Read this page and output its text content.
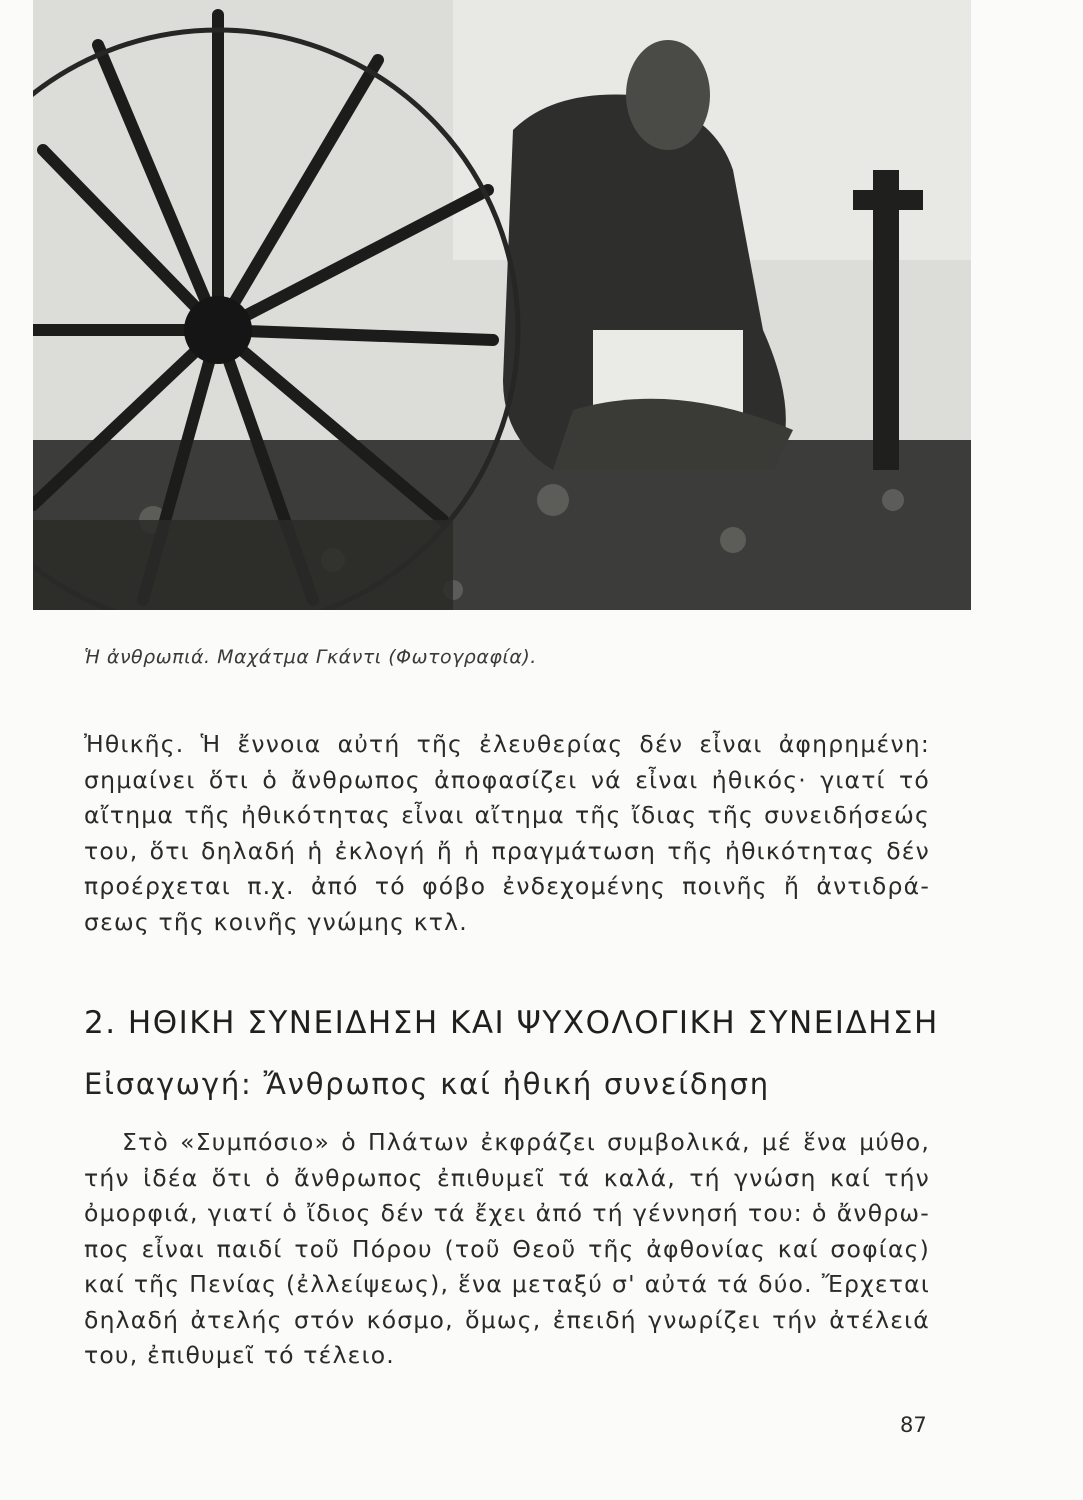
Ἡ ἀνθρωπιά. Μαχάτμα Γκάντι (Φωτογραφία).
Ἠθικῆς. Ἡ ἔννοια αὐτή τῆς ἐλευθερίας δέν εἶναι ἀφηρημένη:
σημαίνει ὅτι ὁ ἄνθρωπος ἀποφασίζει νά εἶναι ἠθικός· γιατί τό
αἴτημα τῆς ἠθικότητας εἶναι αἴτημα τῆς ἴδιας τῆς συνειδήσεώς
του, ὅτι δηλαδή ἡ ἐκλογή ἤ ἡ πραγμάτωση τῆς ἠθικότητας δέν
προέρχεται π.χ. ἀπό τό φόβο ἐνδεχομένης ποινῆς ἤ ἀντιδρά-
σεως τῆς κοινῆς γνώμης κτλ.
2. ΗΘΙΚΗ ΣΥΝΕΙΔΗΣΗ ΚΑΙ ΨΥΧΟΛΟΓΙΚΗ ΣΥΝΕΙΔΗΣΗ
Εἰσαγωγή: Ἄνθρωπος καί ἠθική συνείδηση
Στὸ «Συμπόσιο» ὁ Πλάτων ἐκφράζει συμβολικά, μέ ἕνα μύθο,
τήν ἰδέα ὅτι ὁ ἄνθρωπος ἐπιθυμεῖ τά καλά, τή γνώση καί τήν
ὀμορφιά, γιατί ὁ ἴδιος δέν τά ἔχει ἀπό τή γέννησή του: ὁ ἄνθρω-
πος εἶναι παιδί τοῦ Πόρου (τοῦ Θεοῦ τῆς ἀφθονίας καί σοφίας)
καί τῆς Πενίας (ἐλλείψεως), ἕνα μεταξύ σ' αὐτά τά δύο. Ἔρχεται
δηλαδή ἀτελής στόν κόσμο, ὅμως, ἐπειδή γνωρίζει τήν ἀτέλειά
του, ἐπιθυμεῖ τό τέλειο.
87
